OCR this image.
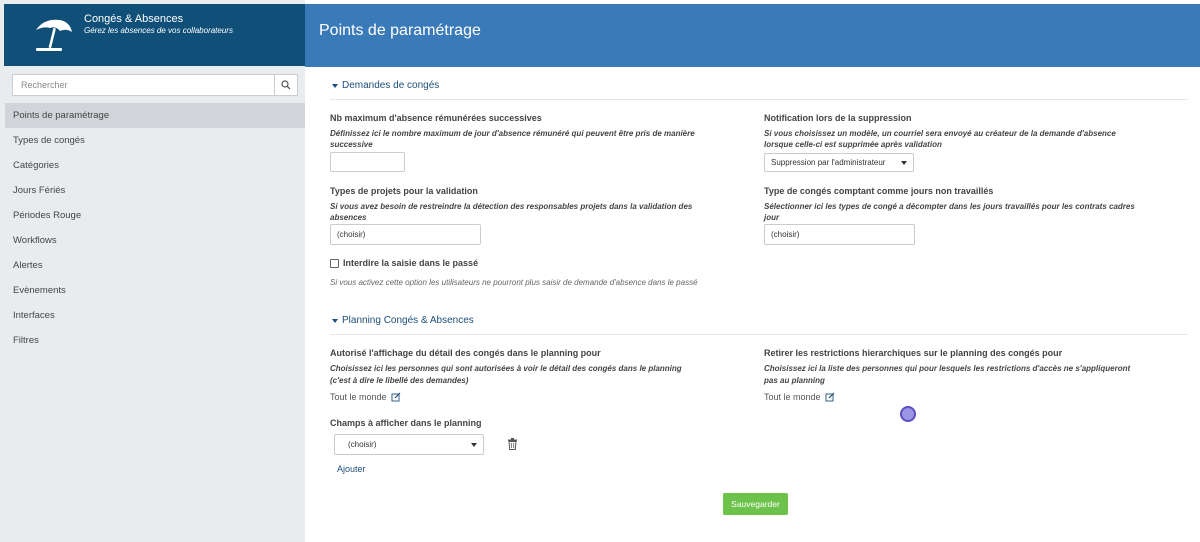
Congés & Absences
Gérez les absences de vos collaborateurs
Rechercher
Points de paramétrage
Types de congés
Catégories
Jours Fériés
Périodes Rouge
Workflows
Alertes
Evènements
Interfaces
Filtres
Points de paramétrage
Demandes de congés
Nb maximum d'absence rémunérées successives
Définissez ici le nombre maximum de jour d'absence rémunéré qui peuvent être pris de manière
successive
Notification lors de la suppression
Si vous choisissez un modèle, un courriel sera envoyé au créateur de la demande d'absence
lorsque celle-ci est supprimée après validation
Suppression par l'administrateur
Types de projets pour la validation
Si vous avez besoin de restreindre la détection des responsables projets dans la validation des
absences
(choisir)
Type de congés comptant comme jours non travaillés
Sélectionner ici les types de congé a décompter dans les jours travaillés pour les contrats cadres
jour
(choisir)
Interdire la saisie dans le passé
Si vous activez cette option les utilisateurs ne pourront plus saisir de demande d'absence dans le passé
Planning Congés & Absences
Autorisé l'affichage du détail des congés dans le planning pour
Choisissez ici les personnes qui sont autorisées à voir le détail des congés dans le planning
(c'est à dire le libellé des demandes)
Tout le monde
Retirer les restrictions hierarchiques sur le planning des congés pour
Choisissez ici la liste des personnes qui pour lesquels les restrictions d'accès ne s'appliqueront
pas au planning
Tout le monde
Champs à afficher dans le planning
(choisir)
Ajouter
Sauvegarder
